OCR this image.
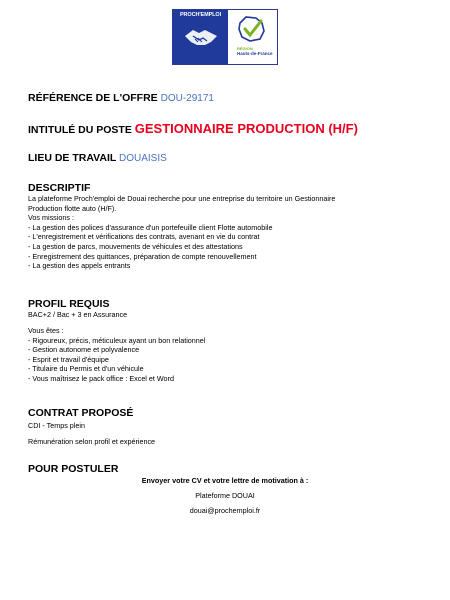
PROCH'EMPLOI
RÉGION
Hauts-de-France
RÉFÉRENCE DE L'OFFRE DOU-29171
INTITULÉ DU POSTE GESTIONNAIRE PRODUCTION (H/F)
LIEU DE TRAVAIL DOUAISIS
DESCRIPTIF
La plateforme Proch'emploi de Douai recherche pour une entreprise du territoire un Gestionnaire
Production flotte auto (H/F).
Vos missions :
- La gestion des polices d'assurance d'un portefeuille client Flotte automobile
- L'enregistrement et vérifications des contrats, avenant en vie du contrat
- La gestion de parcs, mouvements de véhicules et des attestations
- Enregistrement des quittances, préparation de compte renouvellement
- La gestion des appels entrants
PROFIL REQUIS
BAC+2 / Bac + 3 en Assurance
Vous êtes :
- Rigoureux, précis, méticuleux ayant un bon relationnel
- Gestion autonome et polyvalence
- Esprit et travail d'équipe
- Titulaire du Permis et d'un véhicule
- Vous maîtrisez le pack office : Excel et Word
CONTRAT PROPOSÉ
CDI - Temps plein
Rémunération selon profil et expérience
POUR POSTULER
Envoyer votre CV et votre lettre de motivation à :
Plateforme DOUAI
douai@prochemploi.fr
